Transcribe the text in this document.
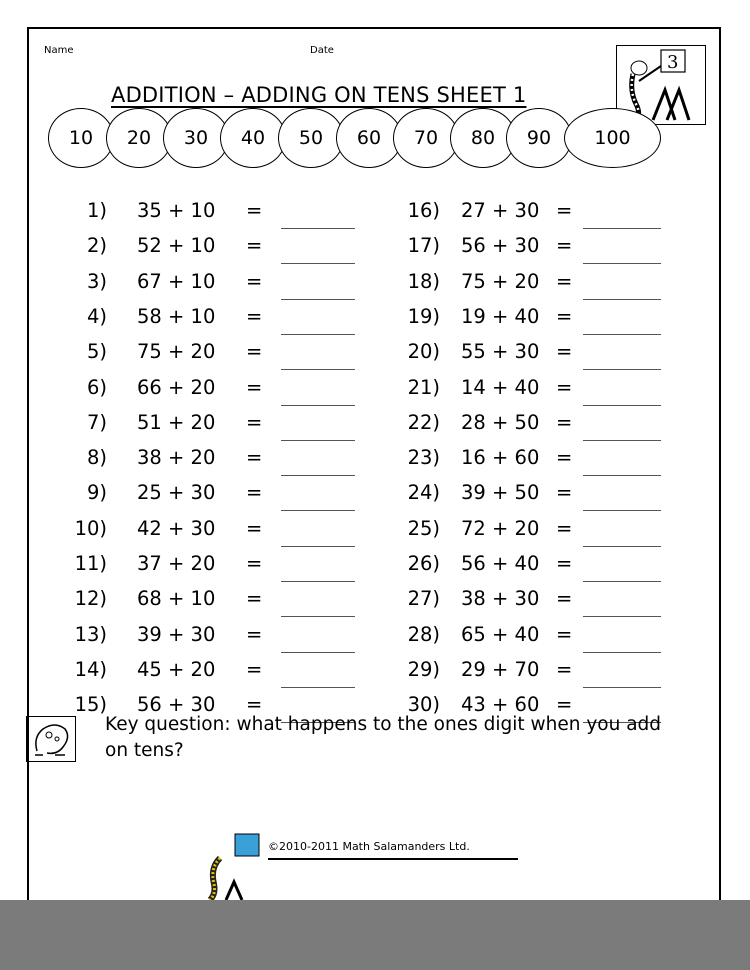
Name	Date
ADDITION – ADDING ON TENS SHEET 1
3
10	20	30	40	50	60	70	80	90	100
1) 35 + 10 =
2) 52 + 10 =
3) 67 + 10 =
4) 58 + 10 =
5) 75 + 20 =
6) 66 + 20 =
7) 51 + 20 =
8) 38 + 20 =
9) 25 + 30 =
10) 42 + 30 =
11) 37 + 20 =
12) 68 + 10 =
13) 39 + 30 =
14) 45 + 20 =
15) 56 + 30 =
16) 27 + 30 =
17) 56 + 30 =
18) 75 + 20 =
19) 19 + 40 =
20) 55 + 30 =
21) 14 + 40 =
22) 28 + 50 =
23) 16 + 60 =
24) 39 + 50 =
25) 72 + 20 =
26) 56 + 40 =
27) 38 + 30 =
28) 65 + 40 =
29) 29 + 70 =
30) 43 + 60 =
Key question: what happens to the ones digit when you add on tens?
©2010-2011 Math Salamanders Ltd.
